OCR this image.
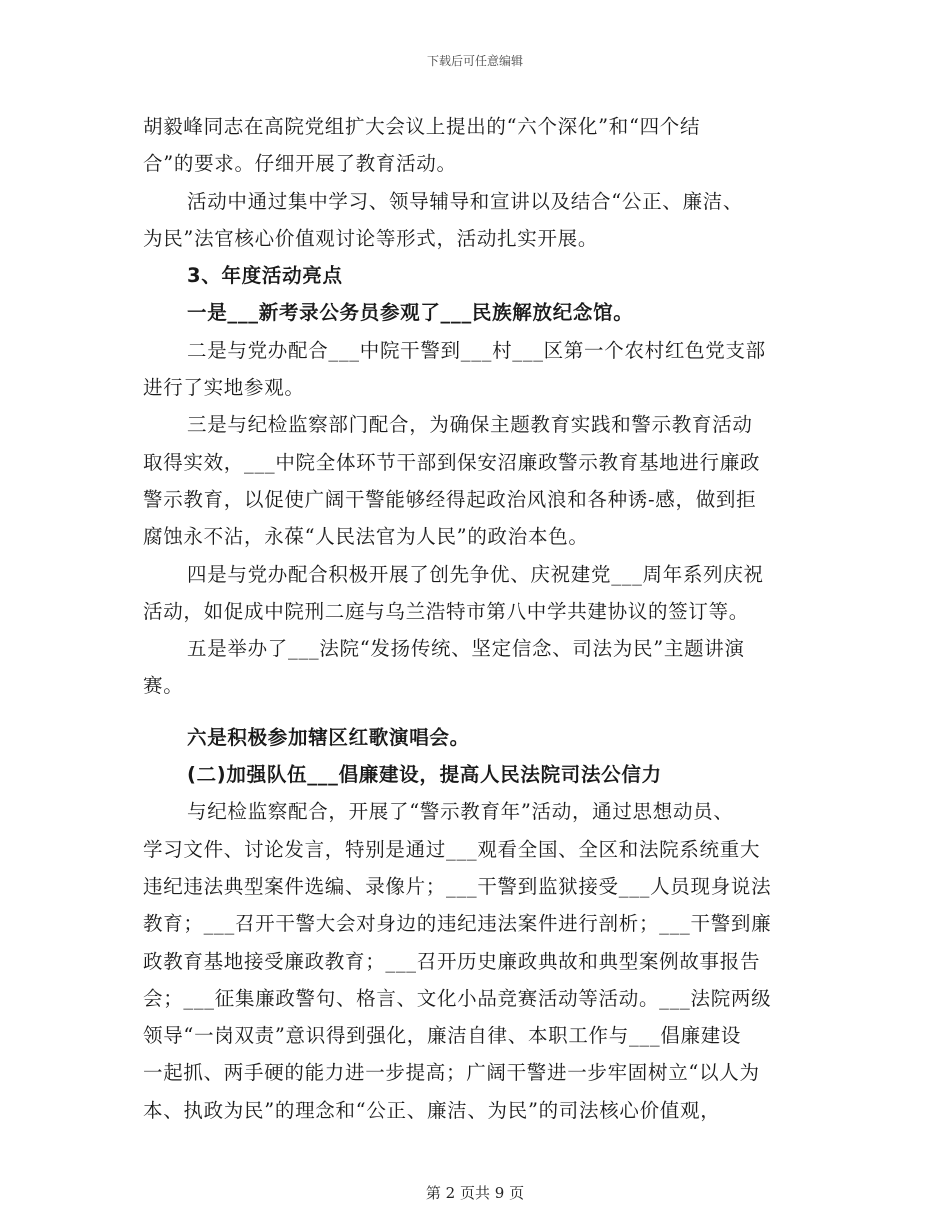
下载后可任意编辑
胡毅峰同志在高院党组扩大会议上提出的“六个深化”和“四个结
合”的要求。仔细开展了教育活动。
活动中通过集中学习、领导辅导和宣讲以及结合“公正、廉洁、
为民”法官核心价值观讨论等形式，活动扎实开展。
3、年度活动亮点
一是___新考录公务员参观了___民族解放纪念馆。
二是与党办配合___中院干警到___村___区第一个农村红色党支部
进行了实地参观。
三是与纪检监察部门配合，为确保主题教育实践和警示教育活动
取得实效，___中院全体环节干部到保安沼廉政警示教育基地进行廉政
警示教育，以促使广阔干警能够经得起政治风浪和各种诱-感，做到拒
腐蚀永不沾，永葆“人民法官为人民”的政治本色。
四是与党办配合积极开展了创先争优、庆祝建党___周年系列庆祝
活动，如促成中院刑二庭与乌兰浩特市第八中学共建协议的签订等。
五是举办了___法院“发扬传统、坚定信念、司法为民”主题讲演
赛。
六是积极参加辖区红歌演唱会。
(二)加强队伍___倡廉建设，提高人民法院司法公信力
与纪检监察配合，开展了“警示教育年”活动，通过思想动员、
学习文件、讨论发言，特别是通过___观看全国、全区和法院系统重大
违纪违法典型案件选编、录像片；___干警到监狱接受___人员现身说法
教育；___召开干警大会对身边的违纪违法案件进行剖析；___干警到廉
政教育基地接受廉政教育；___召开历史廉政典故和典型案例故事报告
会；___征集廉政警句、格言、文化小品竞赛活动等活动。___法院两级
领导“一岗双责”意识得到强化，廉洁自律、本职工作与___倡廉建设
一起抓、两手硬的能力进一步提高；广阔干警进一步牢固树立“以人为
本、执政为民”的理念和“公正、廉洁、为民”的司法核心价值观，
第 2 页共 9 页
